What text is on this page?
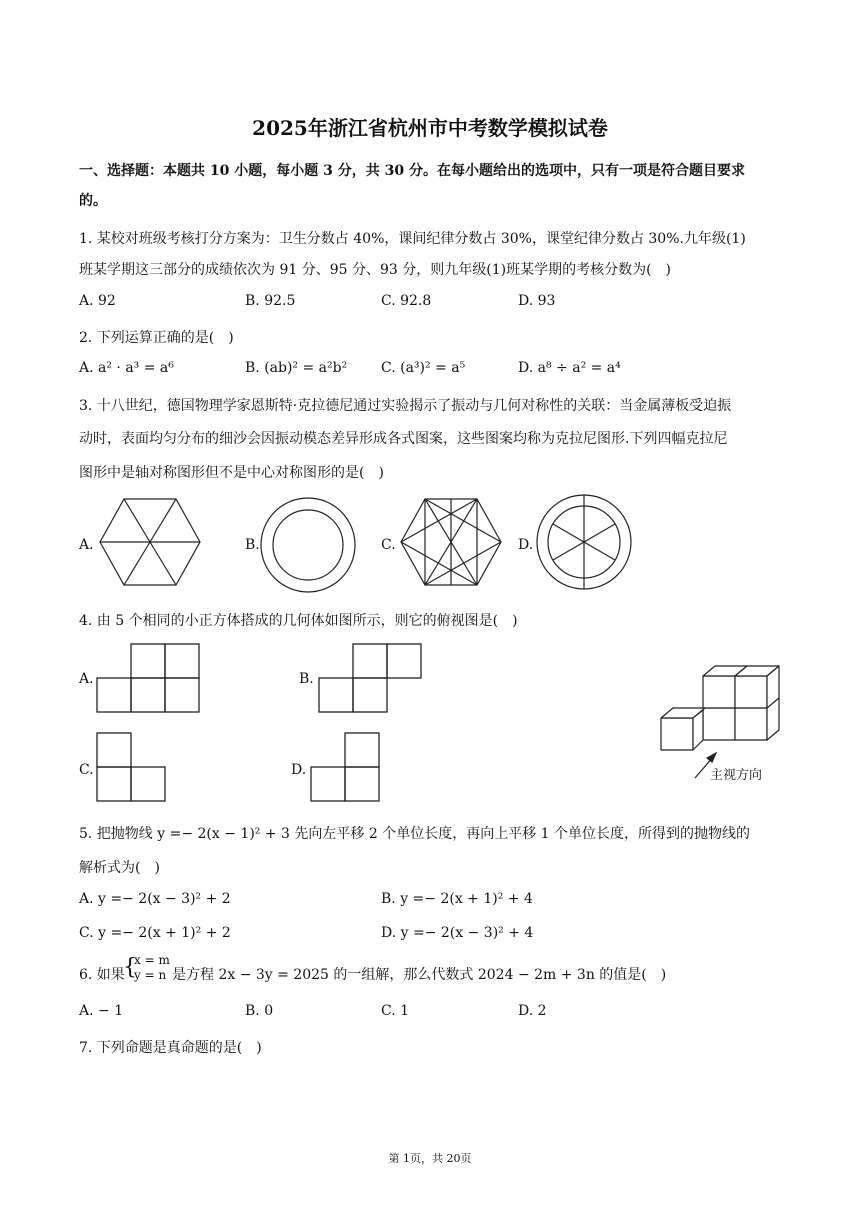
2025年浙江省杭州市中考数学模拟试卷
一、选择题：本题共 10 小题，每小题 3 分，共 30 分。在每小题给出的选项中，只有一项是符合题目要求
的。
1. 某校对班级考核打分方案为：卫生分数占 40%，课间纪律分数占 30%，课堂纪律分数占 30%.九年级(1)
班某学期这三部分的成绩依次为 91 分、95 分、93 分，则九年级(1)班某学期的考核分数为(　)
A. 92	B. 92.5	C. 92.8	D. 93
2. 下列运算正确的是(　)
A. a² · a³ = a⁶	B. (ab)² = a²b² C. (a³)² = a⁵	D. a⁸ ÷ a² = a⁴
3. 十八世纪，德国物理学家恩斯特·克拉德尼通过实验揭示了振动与几何对称性的关联：当金属薄板受迫振
动时，表面均匀分布的细沙会因振动模态差异形成各式图案，这些图案均称为克拉尼图形.下列四幅克拉尼
图形中是轴对称图形但不是中心对称图形的是(　)
A.	B.	C.	D.
4. 由 5 个相同的小正方体搭成的几何体如图所示，则它的俯视图是(　)
A.	B.
C.	D.	主视方向
5. 把抛物线 y =− 2(x − 1)² + 3 先向左平移 2 个单位长度，再向上平移 1 个单位长度，所得到的抛物线的
解析式为(　)
A. y =− 2(x − 3)² + 2	B. y =− 2(x + 1)² + 4
C. y =− 2(x + 1)² + 2	D. y =− 2(x − 3)² + 4
6. 如果
{
x = m
y = n 是方程 2x − 3y = 2025 的一组解，那么代数式 2024 − 2m + 3n 的值是(　)
A. − 1	B. 0	C. 1	D. 2
7. 下列命题是真命题的是(　)
第 1页，共 20页
